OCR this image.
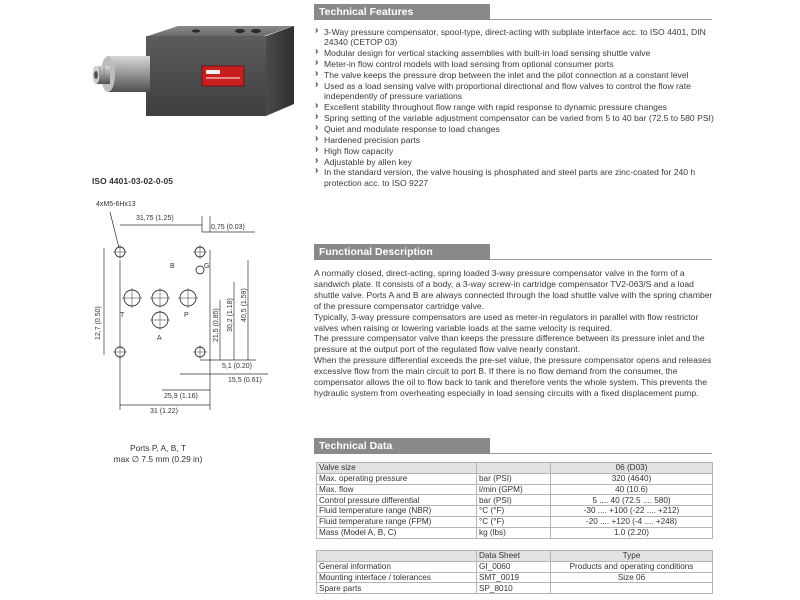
ISO 4401-03-02-0-05
4xM5-6Hx13
31,75 (1.25)
0,75 (0.03)
B	G
T	P
A
12,7 (0.50)
40,5 (1.59)
30,2 (1.18)
21,5 (0.85)
5,1 (0.20)
15,5 (0.61)
25,9 (1.16)
31 (1.22)
Ports P, A, B, T
max ∅ 7.5 mm (0.29 in)
Technical Features
› 3-Way pressure compensator, spool-type, direct-acting with subplate interface acc. to ISO 4401, DIN 24340 (CETOP 03)
› Modular design for vertical stacking assemblies with built-in load sensing shuttle valve
› Meter-in flow control models with load sensing from optional consumer ports
› The valve keeps the pressure drop between the inlet and the pilot connection at a constant level
› Used as a load sensing valve with proportional directional and flow valves to control the flow rate independently of pressure variations
› Excellent stability throughout flow range with rapid response to dynamic pressure changes
› Spring setting of the variable adjustment compensator can be varied from 5 to 40 bar (72.5 to 580 PSI)
› Quiet and modulate response to load changes
› Hardened precision parts
› High flow capacity
› Adjustable by allen key
› In the standard version, the valve housing is phosphated and steel parts are zinc-coated for 240 h protection acc. to ISO 9227
Functional Description

A normally closed, direct-acting, spring loaded 3-way pressure compensator valve in the form of a sandwich plate. It consists of a body, a 3-way screw-in cartridge compensator TV2-063/S and a load shuttle valve. Ports A and B are always connected through the load shuttle valve with the spring chamber of the pressure compensator cartridge valve.

Typically, 3-way pressure compensators are used as meter-in regulators in parallel with flow restrictor valves when raising or lowering variable loads at the same velocity is required.

The pressure compensator valve than keeps the pressure difference between its pressure inlet and the pressure at the output port of the regulated flow valve nearly constant.

When the pressure differential exceeds the pre-set value, the pressure compensator opens and releases excessive flow from the main circuit to port B. If there is no flow demand from the consumer, the compensator allows the oil to flow back to tank and therefore vents the whole system. This prevents the hydraulic system from overheating especially in load sensing circuits with a fixed displacement pump.

Technical Data
Valve size		06 (D03)
Max. operating pressure	bar (PSI)	320 (4640)
Max. flow	l/min (GPM)	40 (10.6)
Control pressure differential	bar (PSI)	5 .... 40 (72.5 .... 580)
Fluid temperature range (NBR)	°C (°F)	-30 .... +100 (-22 .... +212)
Fluid temperature range (FPM)	°C (°F)	-20 .... +120 (-4 .... +248)
Mass (Model A, B, C)	kg (lbs)	1.0 (2.20)
	Data Sheet	Type
General information	GI_0060	Products and operating conditions
Mounting interface / tolerances	SMT_0019	Size 06
Spare parts	SP_8010	
